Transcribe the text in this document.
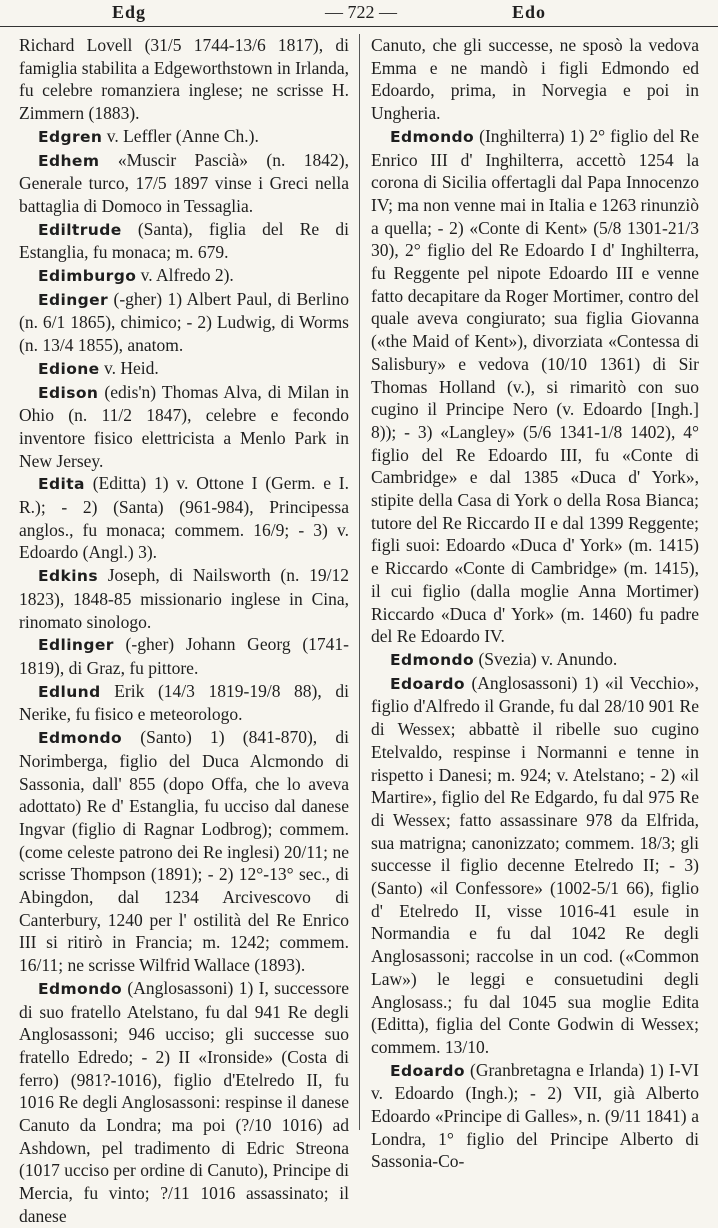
Edg	— 722 —	Edo

Richard Lovell (31/5 1744-13/6 1817), di famiglia stabilita a Edgeworthstown in Irlanda, fu celebre romanziera inglese; ne scrisse H. Zimmern (1883).

Edgren v. Leffler (Anne Ch.).

Edhem «Muscir Pascià» (n. 1842), Generale turco, 17/5 1897 vinse i Greci nella battaglia di Domoco in Tessaglia.

Ediltrude (Santa), figlia del Re di Estanglia, fu monaca; m. 679.

Edimburgo v. Alfredo 2).

Edinger (-gher) 1) Albert Paul, di Berlino (n. 6/1 1865), chimico; - 2) Ludwig, di Worms (n. 13/4 1855), anatom.

Edione v. Heid.

Edison (edis'n) Thomas Alva, di Milan in Ohio (n. 11/2 1847), celebre e fecondo inventore fisico elettricista a Menlo Park in New Jersey.

Edita (Editta) 1) v. Ottone I (Germ. e I. R.); - 2) (Santa) (961-984), Principessa anglos., fu monaca; commem. 16/9; - 3) v. Edoardo (Angl.) 3).

Edkins Joseph, di Nailsworth (n. 19/12 1823), 1848-85 missionario inglese in Cina, rinomato sinologo.

Edlinger (-gher) Johann Georg (1741-1819), di Graz, fu pittore.

Edlund Erik (14/3 1819-19/8 88), di Nerike, fu fisico e meteorologo.

Edmondo (Santo) 1) (841-870), di Norimberga, figlio del Duca Alcmondo di Sassonia, dall' 855 (dopo Offa, che lo aveva adottato) Re d' Estanglia, fu ucciso dal danese Ingvar (figlio di Ragnar Lodbrog); commem. (come celeste patrono dei Re inglesi) 20/11; ne scrisse Thompson (1891); - 2) 12°-13° sec., di Abingdon, dal 1234 Arcivescovo di Canterbury, 1240 per l' ostilità del Re Enrico III si ritirò in Francia; m. 1242; commem. 16/11; ne scrisse Wilfrid Wallace (1893).

Edmondo (Anglosassoni) 1) I, successore di suo fratello Atelstano, fu dal 941 Re degli Anglosassoni; 946 ucciso; gli successe suo fratello Edredo; - 2) II «Ironside» (Costa di ferro) (981?-1016), figlio d'Etelredo II, fu 1016 Re degli Anglosassoni: respinse il danese Canuto da Londra; ma poi (?/10 1016) ad Ashdown, pel tradimento di Edric Streona (1017 ucciso per ordine di Canuto), Principe di Mercia, fu vinto; ?/11 1016 assassinato; il danese

Canuto, che gli successe, ne sposò la vedova Emma e ne mandò i figli Edmondo ed Edoardo, prima, in Norvegia e poi in Ungheria.

Edmondo (Inghilterra) 1) 2° figlio del Re Enrico III d' Inghilterra, accettò 1254 la corona di Sicilia offertagli dal Papa Innocenzo IV; ma non venne mai in Italia e 1263 rinunziò a quella; - 2) «Conte di Kent» (5/8 1301-21/3 30), 2° figlio del Re Edoardo I d' Inghilterra, fu Reggente pel nipote Edoardo III e venne fatto decapitare da Roger Mortimer, contro del quale aveva congiurato; sua figlia Giovanna («the Maid of Kent»), divorziata «Contessa di Salisbury» e vedova (10/10 1361) di Sir Thomas Holland (v.), si rimaritò con suo cugino il Principe Nero (v. Edoardo [Ingh.] 8)); - 3) «Langley» (5/6 1341-1/8 1402), 4° figlio del Re Edoardo III, fu «Conte di Cambridge» e dal 1385 «Duca d' York», stipite della Casa di York o della Rosa Bianca; tutore del Re Riccardo II e dal 1399 Reggente; figli suoi: Edoardo «Duca d' York» (m. 1415) e Riccardo «Conte di Cambridge» (m. 1415), il cui figlio (dalla moglie Anna Mortimer) Riccardo «Duca d' York» (m. 1460) fu padre del Re Edoardo IV.

Edmondo (Svezia) v. Anundo.

Edoardo (Anglosassoni) 1) «il Vecchio», figlio d'Alfredo il Grande, fu dal 28/10 901 Re di Wessex; abbattè il ribelle suo cugino Etelvaldo, respinse i Normanni e tenne in rispetto i Danesi; m. 924; v. Atelstano; - 2) «il Martire», figlio del Re Edgardo, fu dal 975 Re di Wessex; fatto assassinare 978 da Elfrida, sua matrigna; canonizzato; commem. 18/3; gli successe il figlio decenne Etelredo II; - 3) (Santo) «il Confessore» (1002-5/1 66), figlio d' Etelredo II, visse 1016-41 esule in Normandia e fu dal 1042 Re degli Anglosassoni; raccolse in un cod. («Common Law») le leggi e consuetudini degli Anglosass.; fu dal 1045 sua moglie Edita (Editta), figlia del Conte Godwin di Wessex; commem. 13/10.

Edoardo (Granbretagna e Irlanda) 1) I-VI v. Edoardo (Ingh.); - 2) VII, già Alberto Edoardo «Principe di Galles», n. (9/11 1841) a Londra, 1° figlio del Principe Alberto di Sassonia-Co-
